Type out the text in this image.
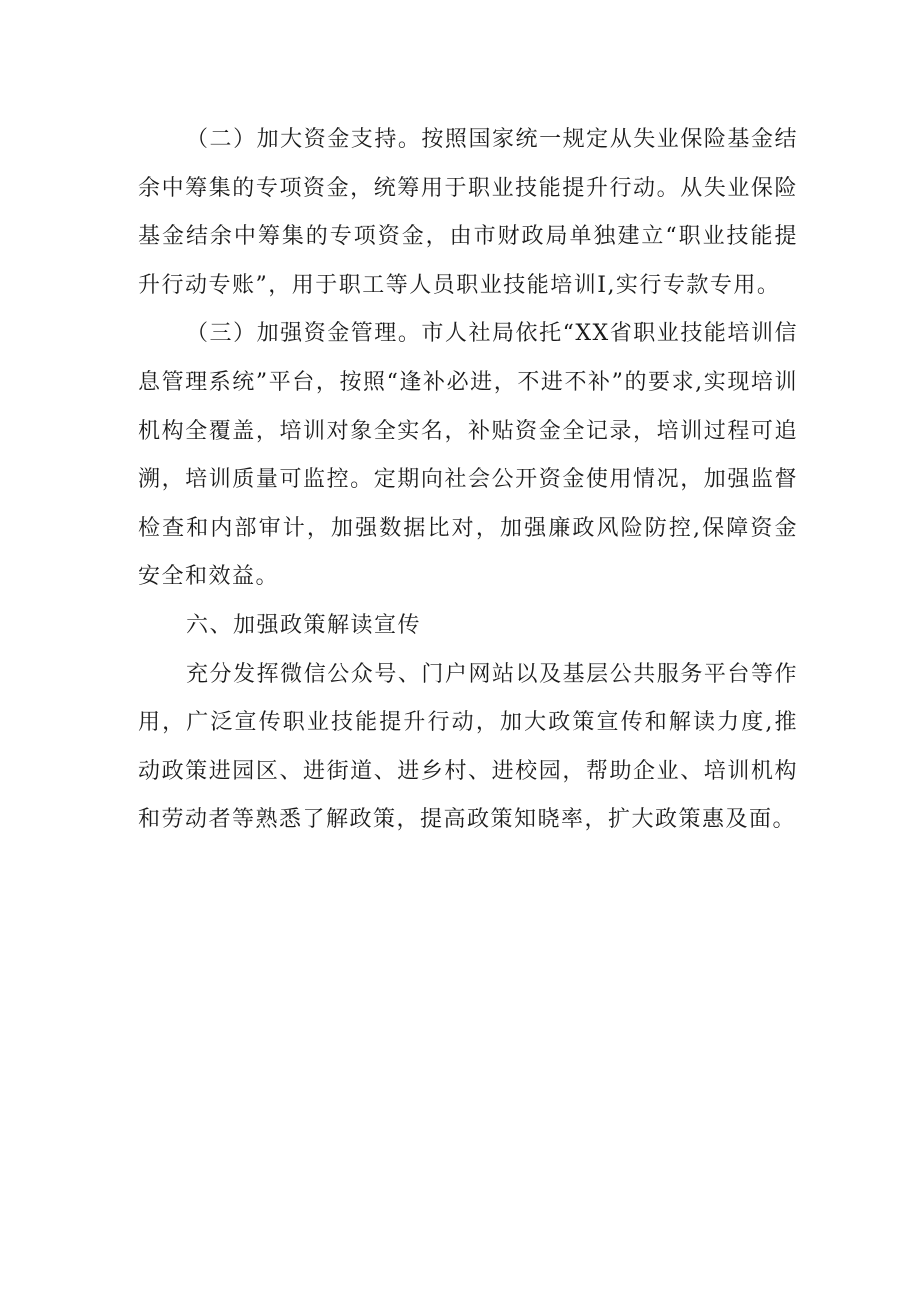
（二）加大资金支持。按照国家统一规定从失业保险基金结余中筹集的专项资金，统筹用于职业技能提升行动。从失业保险基金结余中筹集的专项资金，由市财政局单独建立“职业技能提升行动专账”，用于职工等人员职业技能培训I,实行专款专用。

（三）加强资金管理。市人社局依托“XX省职业技能培训信息管理系统”平台，按照“逢补必进，不进不补”的要求,实现培训机构全覆盖，培训对象全实名，补贴资金全记录，培训过程可追溯，培训质量可监控。定期向社会公开资金使用情况，加强监督检查和内部审计，加强数据比对，加强廉政风险防控,保障资金安全和效益。

六、加强政策解读宣传

充分发挥微信公众号、门户网站以及基层公共服务平台等作用，广泛宣传职业技能提升行动，加大政策宣传和解读力度,推动政策进园区、进街道、进乡村、进校园，帮助企业、培训机构和劳动者等熟悉了解政策，提高政策知晓率，扩大政策惠及面。
